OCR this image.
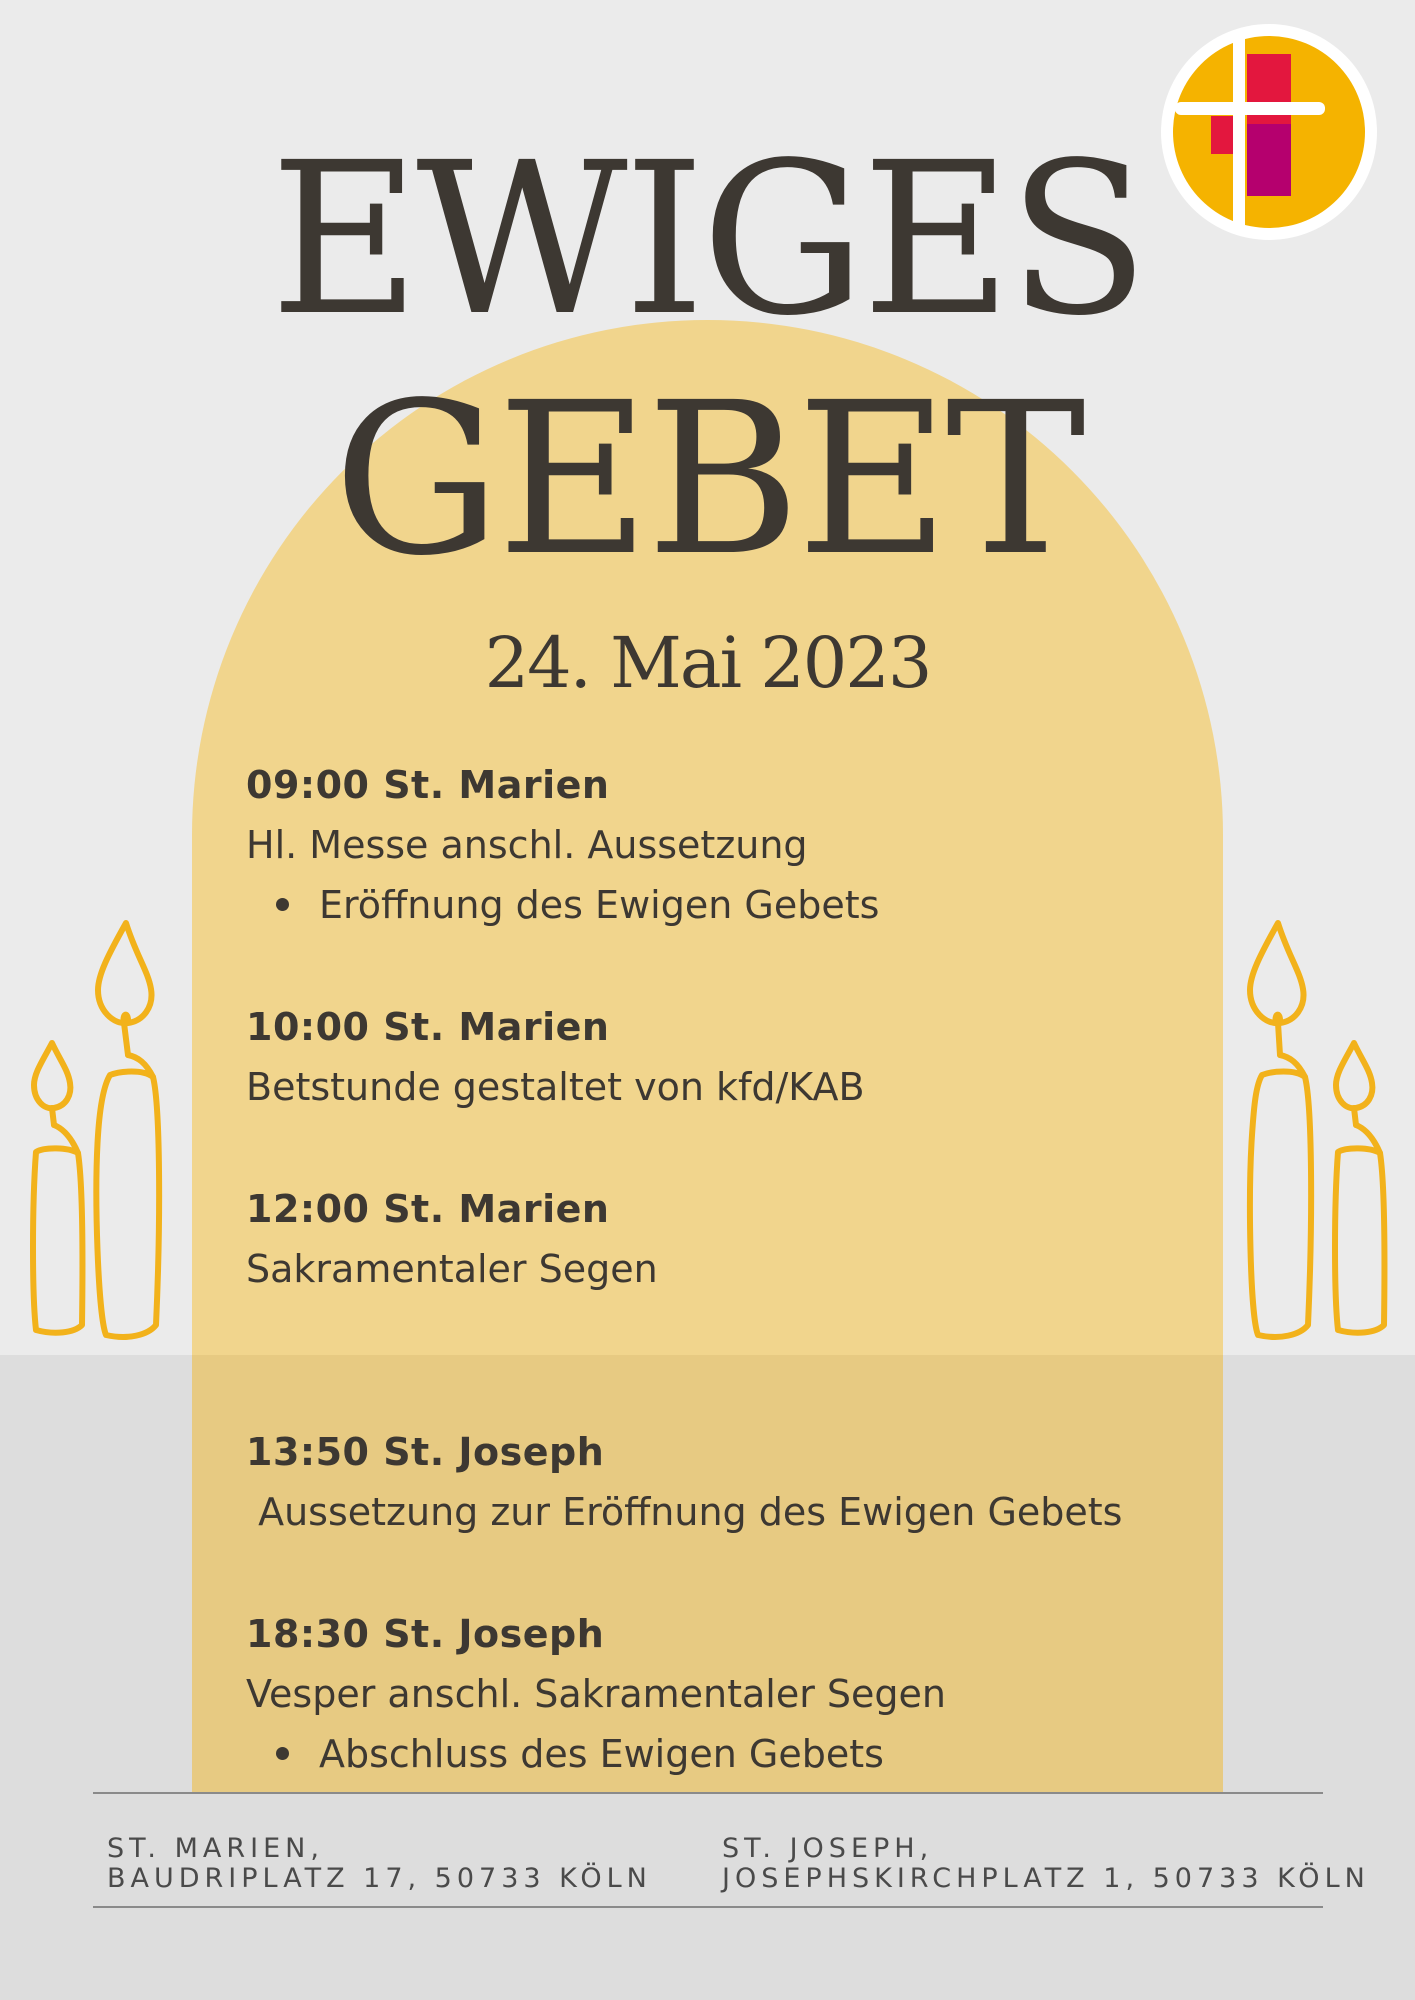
EWIGES
GEBET
24. Mai 2023
09:00 St. Marien
Hl. Messe anschl. Aussetzung
Eröffnung des Ewigen Gebets
10:00 St. Marien
Betstunde gestaltet von kfd/KAB
12:00 St. Marien
Sakramentaler Segen
13:50 St. Joseph
Aussetzung zur Eröffnung des Ewigen Gebets
18:30 St. Joseph
Vesper anschl. Sakramentaler Segen
Abschluss des Ewigen Gebets
ST. MARIEN,
BAUDRIPLATZ 17, 50733 KÖLN
ST. JOSEPH,
JOSEPHSKIRCHPLATZ 1, 50733 KÖLN
